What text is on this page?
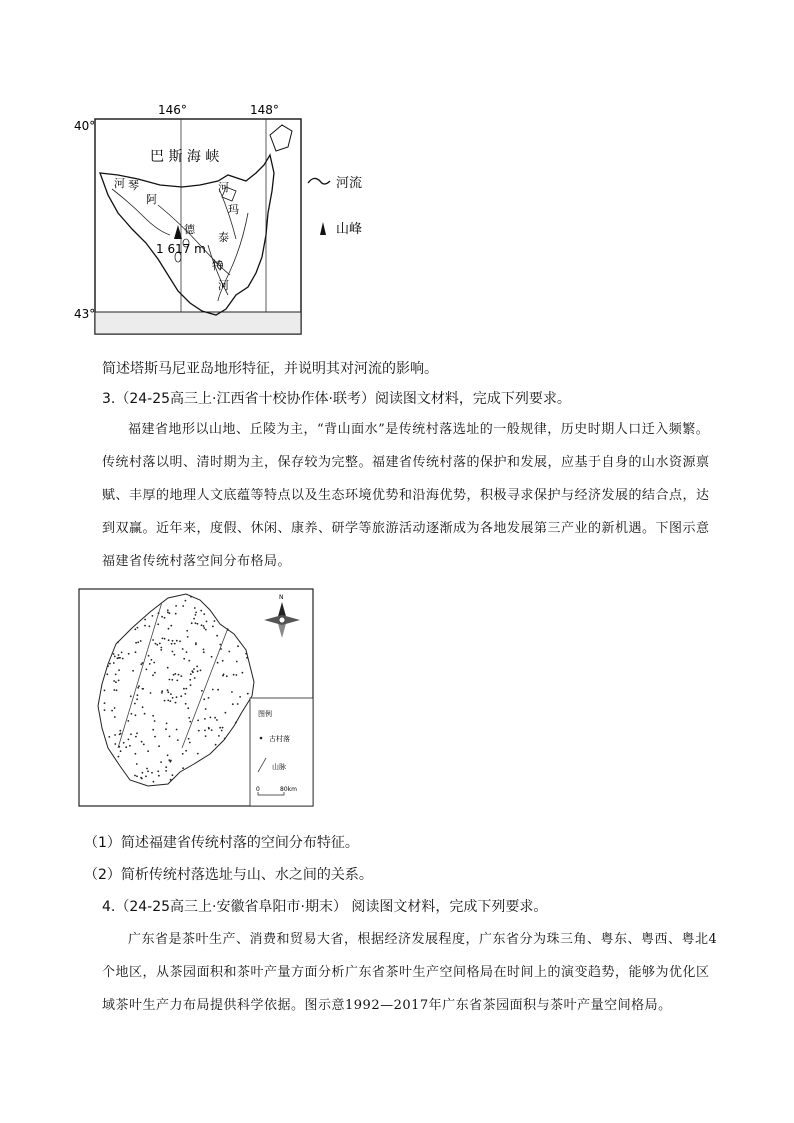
146°	148°
40°
43°
巴 斯 海 峡
河 琴
阿
河
玛
泰
特
河
德
1 617 m
河流
山峰
简述塔斯马尼亚岛地形特征，并说明其对河流的影响。
3.（24-25高三上·江西省十校协作体·联考）阅读图文材料，完成下列要求。

福建省地形以山地、丘陵为主，“背山面水”是传统村落选址的一般规律，历史时期人口迁入频繁。传统村落以明、清时期为主，保存较为完整。福建省传统村落的保护和发展，应基于自身的山水资源禀赋、丰厚的地理人文底蕴等特点以及生态环境优势和沿海优势，积极寻求保护与经济发展的结合点，达到双赢。近年来，度假、休闲、康养、研学等旅游活动逐渐成为各地发展第三产业的新机遇。下图示意福建省传统村落空间分布格局。

N
图例
古村落
山脉
0	80km
（1）简述福建省传统村落的空间分布特征。
（2）简析传统村落选址与山、水之间的关系。
4.（24-25高三上·安徽省阜阳市·期末） 阅读图文材料，完成下列要求。

广东省是茶叶生产、消费和贸易大省，根据经济发展程度，广东省分为珠三角、粤东、粤西、粤北4个地区，从茶园面积和茶叶产量方面分析广东省茶叶生产空间格局在时间上的演变趋势，能够为优化区域茶叶生产力布局提供科学依据。图示意1992—2017年广东省茶园面积与茶叶产量空间格局。
